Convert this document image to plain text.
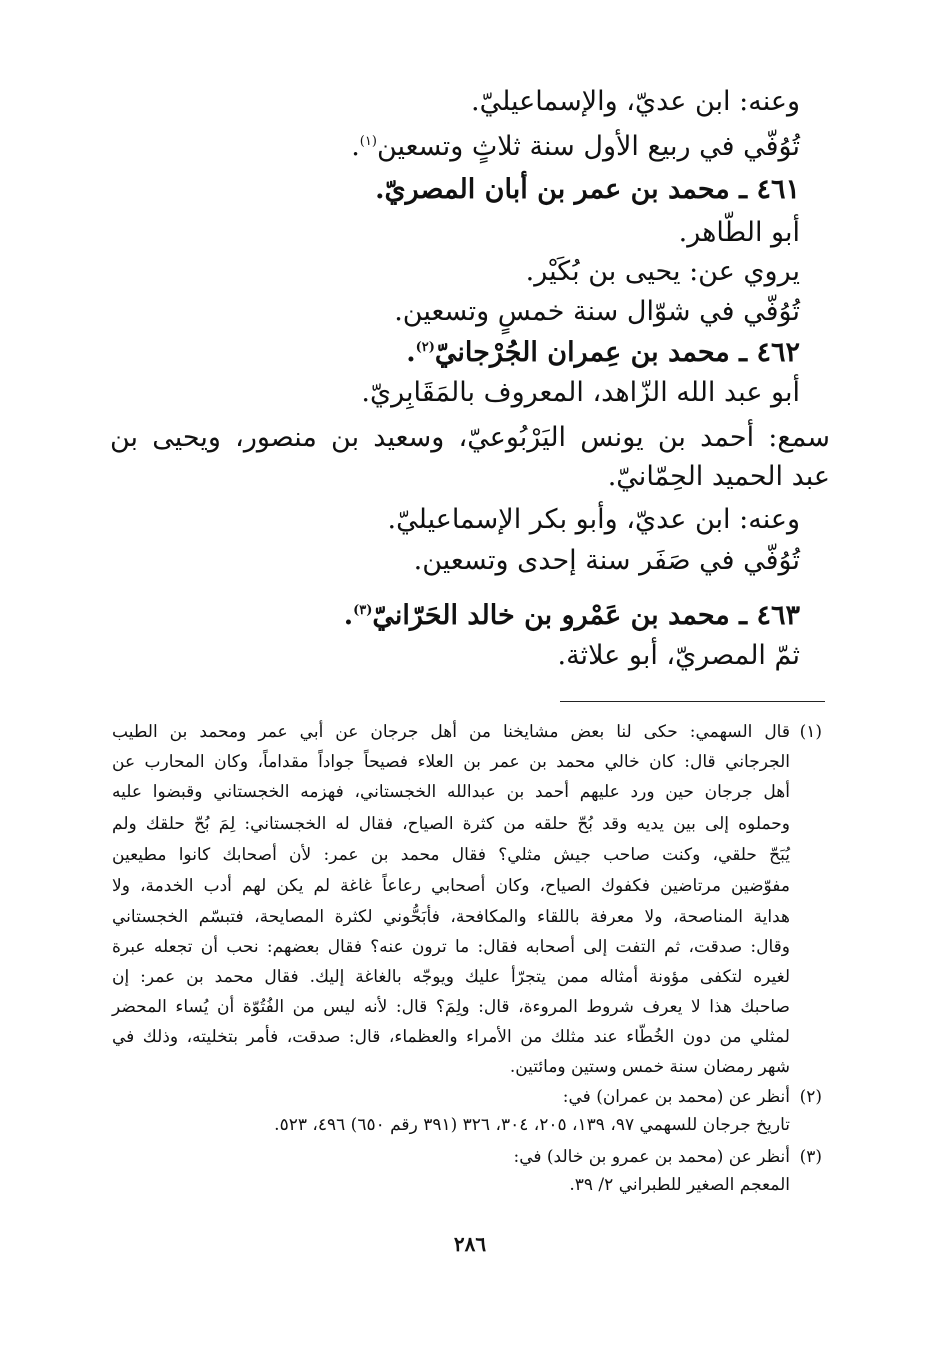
وعنه: ابن عديّ، والإسماعيليّ.
تُوُفّي في ربيع الأول سنة ثلاثٍ وتسعين$^{(١)}$.
٤٦١ ـ محمد بن عمر بن أبان المصريّ.
أبو الطّاهر.
يروي عن: يحيى بن بُكَيْر.
تُوُفّي في شوّال سنة خمسٍ وتسعين.
٤٦٢ ـ محمد بن عِمران الجُرْجانيّ$^{(٢)}$.
أبو عبد الله الزّاهد، المعروف بالمَقَابِريّ.
سمع: أحمد بن يونس اليَرْبُوعيّ، وسعيد بن منصور، ويحيى بن
عبد الحميد الحِمّانيّ.
وعنه: ابن عديّ، وأبو بكر الإسماعيليّ.
تُوُفّي في صَفَر سنة إحدى وتسعين.
٤٦٣ ـ محمد بن عَمْرو بن خالد الحَرّانيّ$^{(٣)}$.
ثمّ المصريّ، أبو علاثة.
(١)
قال السهمي: حكى لنا بعض مشايخنا من أهل جرجان عن أبي عمر ومحمد بن الطيب
الجرجاني قال: كان خالي محمد بن عمر بن العلاء فصيحاً جواداً مقداماً، وكان المحارب عن
أهل جرجان حين ورد عليهم أحمد بن عبدالله الخجستاني، فهزمه الخجستاني وقبضوا عليه
وحملوه إلى بين يديه وقد بُحّ حلقه من كثرة الصياح، فقال له الخجستاني: لِمَ بُحّ حلقك ولم
يُبَحّ حلقي، وكنت صاحب جيش مثلي؟ فقال محمد بن عمر: لأن أصحابك كانوا مطيعين
مفوّضين مرتاضين فكفوك الصياح، وكان أصحابي رعاعاً غاغة لم يكن لهم أدب الخدمة، ولا
هداية المناصحة، ولا معرفة باللقاء والمكافحة، فأبَحُّوني لكثرة المصايحة، فتبسّم الخجستاني
وقال: صدقت، ثم التفت إلى أصحابه فقال: ما ترون عنه؟ فقال بعضهم: نحب أن تجعله عبرة
لغيره لتكفى مؤونة أمثاله ممن يتجرّأ عليك ويوجّه بالغاغة إليك. فقال محمد بن عمر: إن
صاحبك هذا لا يعرف شروط المروءة، قال: ولِمَ؟ قال: لأنه ليس من الفُتُوّة أن يُساء المحضر
لمثلي من دون الخُطّاء عند مثلك من الأمراء والعظماء، قال: صدقت، فأمر بتخليته، وذلك في
شهر رمضان سنة خمس وستين ومائتين.
(٢)
أنظر عن (محمد بن عمران) في:
تاريخ جرجان للسهمي ٩٧، ١٣٩، ٢٠٥، ٣٠٤، ٣٢٦ (٣٩١ رقم ٦٥٠) ٤٩٦، ٥٢٣.
(٣)
أنظر عن (محمد بن عمرو بن خالد) في:
المعجم الصغير للطبراني ٢/ ٣٩.
٢٨٦
